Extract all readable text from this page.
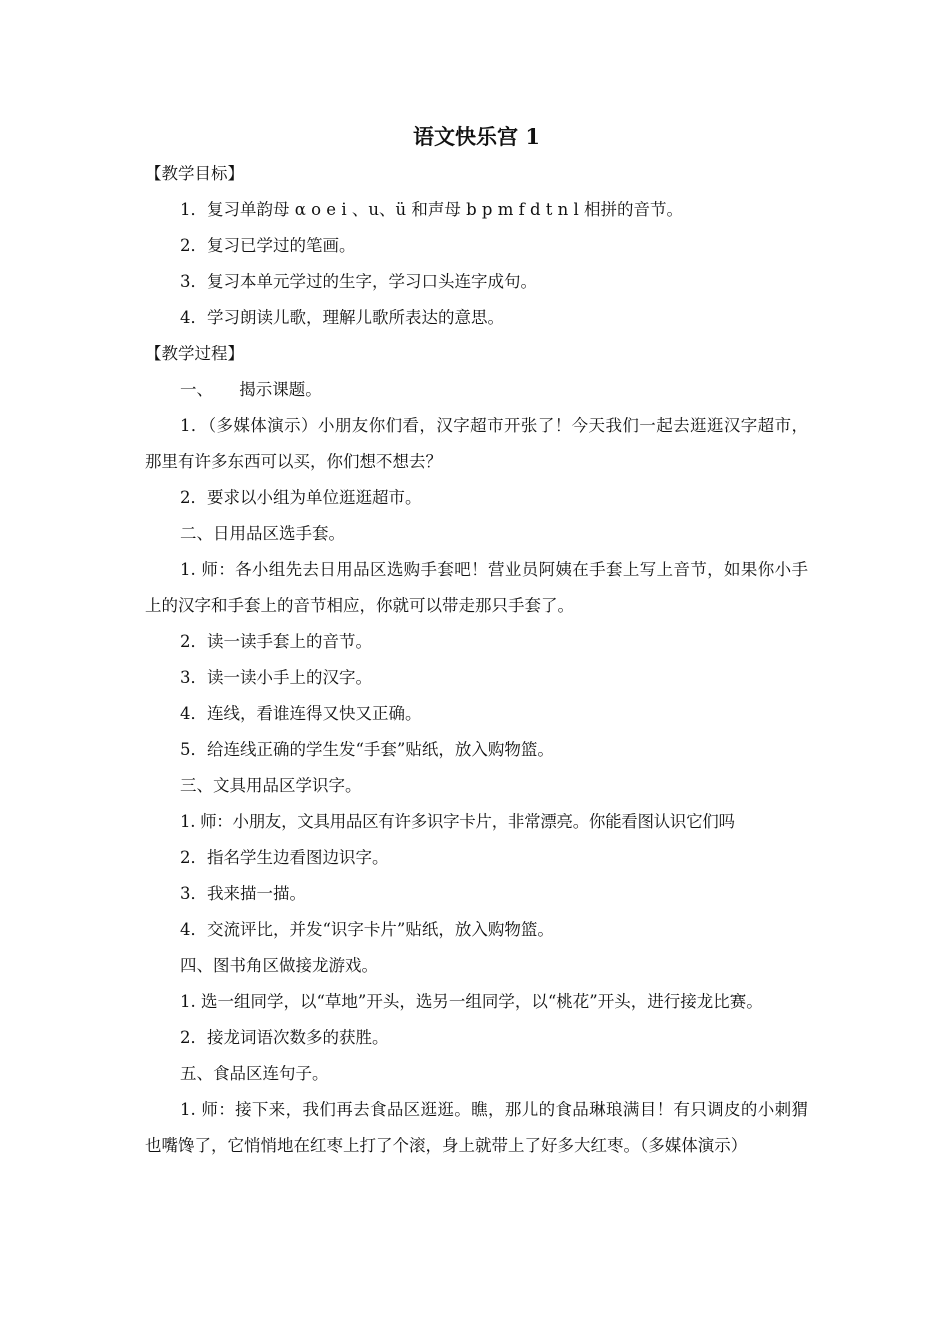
语文快乐宫 1
【教学目标】
1．复习单韵母 α o e i 、u、ü 和声母 b p m f d t n l 相拼的音节。
2．复习已学过的笔画。
3．复习本单元学过的生字，学习口头连字成句。
4．学习朗读儿歌，理解儿歌所表达的意思。
【教学过程】
一、     揭示课题。
1．（多媒体演示）小朋友你们看，汉字超市开张了！今天我们一起去逛逛汉字超市，那里有许多东西可以买，你们想不想去？
2．要求以小组为单位逛逛超市。
二、日用品区选手套。
1. 师：各小组先去日用品区选购手套吧！营业员阿姨在手套上写上音节，如果你小手上的汉字和手套上的音节相应，你就可以带走那只手套了。
2．读一读手套上的音节。
3．读一读小手上的汉字。
4．连线，看谁连得又快又正确。
5．给连线正确的学生发“手套”贴纸，放入购物篮。
三、文具用品区学识字。
1. 师：小朋友，文具用品区有许多识字卡片，非常漂亮。你能看图认识它们吗
2．指名学生边看图边识字。
3．我来描一描。
4．交流评比，并发“识字卡片”贴纸，放入购物篮。
四、图书角区做接龙游戏。
1. 选一组同学，以“草地”开头，选另一组同学，以“桃花”开头，进行接龙比赛。
2．接龙词语次数多的获胜。
五、食品区连句子。
1. 师：接下来，我们再去食品区逛逛。瞧，那儿的食品琳琅满目！有只调皮的小刺猬也嘴馋了，它悄悄地在红枣上打了个滚，身上就带上了好多大红枣。（多媒体演示）
